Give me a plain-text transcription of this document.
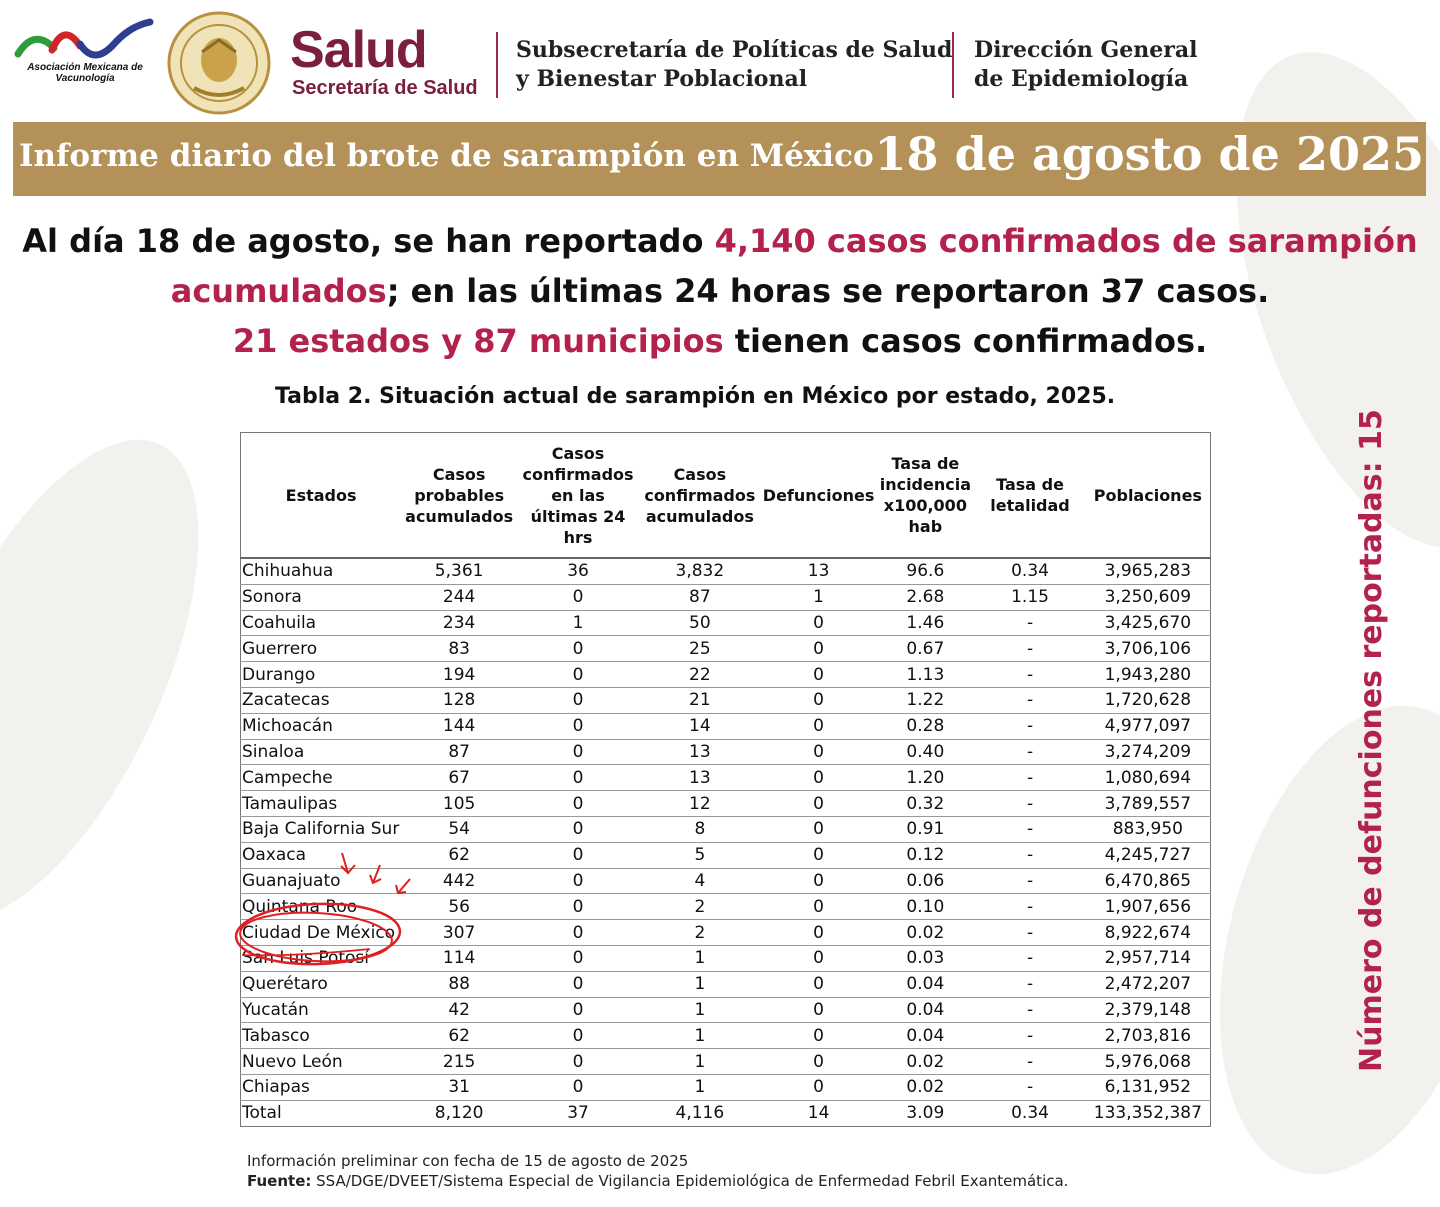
Asociación Mexicana de Vacunología	Salud
Secretaría de Salud
Subsecretaría de Políticas de Salud
y Bienestar Poblacional
Dirección General
de Epidemiología
Informe diario del brote de sarampión en México 18 de agosto de 2025
Al día 18 de agosto, se han reportado 4,140 casos confirmados de sarampión acumulados; en las últimas 24 horas se reportaron 37 casos.
21 estados y 87 municipios tienen casos confirmados.
Tabla 2. Situación actual de sarampión en México por estado, 2025.
Número de defunciones reportadas: 15
Estados	Casos probables acumulados	Casos confirmados en las últimas 24 hrs	Casos confirmados acumulados	Defunciones	Tasa de incidencia x100,000 hab	Tasa de letalidad	Poblaciones
Chihuahua	5,361	36	3,832	13	96.6	0.34	3,965,283
Sonora	244	0	87	1	2.68	1.15	3,250,609
Coahuila	234	1	50	0	1.46	-	3,425,670
Guerrero	83	0	25	0	0.67	-	3,706,106
Durango	194	0	22	0	1.13	-	1,943,280
Zacatecas	128	0	21	0	1.22	-	1,720,628
Michoacán	144	0	14	0	0.28	-	4,977,097
Sinaloa	87	0	13	0	0.40	-	3,274,209
Campeche	67	0	13	0	1.20	-	1,080,694
Tamaulipas	105	0	12	0	0.32	-	3,789,557
Baja California Sur	54	0	8	0	0.91	-	883,950
Oaxaca	62	0	5	0	0.12	-	4,245,727
Guanajuato	442	0	4	0	0.06	-	6,470,865
Quintana Roo	56	0	2	0	0.10	-	1,907,656
Ciudad De México	307	0	2	0	0.02	-	8,922,674
San Luis Potosí	114	0	1	0	0.03	-	2,957,714
Querétaro	88	0	1	0	0.04	-	2,472,207
Yucatán	42	0	1	0	0.04	-	2,379,148
Tabasco	62	0	1	0	0.04	-	2,703,816
Nuevo León	215	0	1	0	0.02	-	5,976,068
Chiapas	31	0	1	0	0.02	-	6,131,952
Total	8,120	37	4,116	14	3.09	0.34	133,352,387
Información preliminar con fecha de 15 de agosto de 2025
Fuente: SSA/DGE/DVEET/Sistema Especial de Vigilancia Epidemiológica de Enfermedad Febril Exantemática.
